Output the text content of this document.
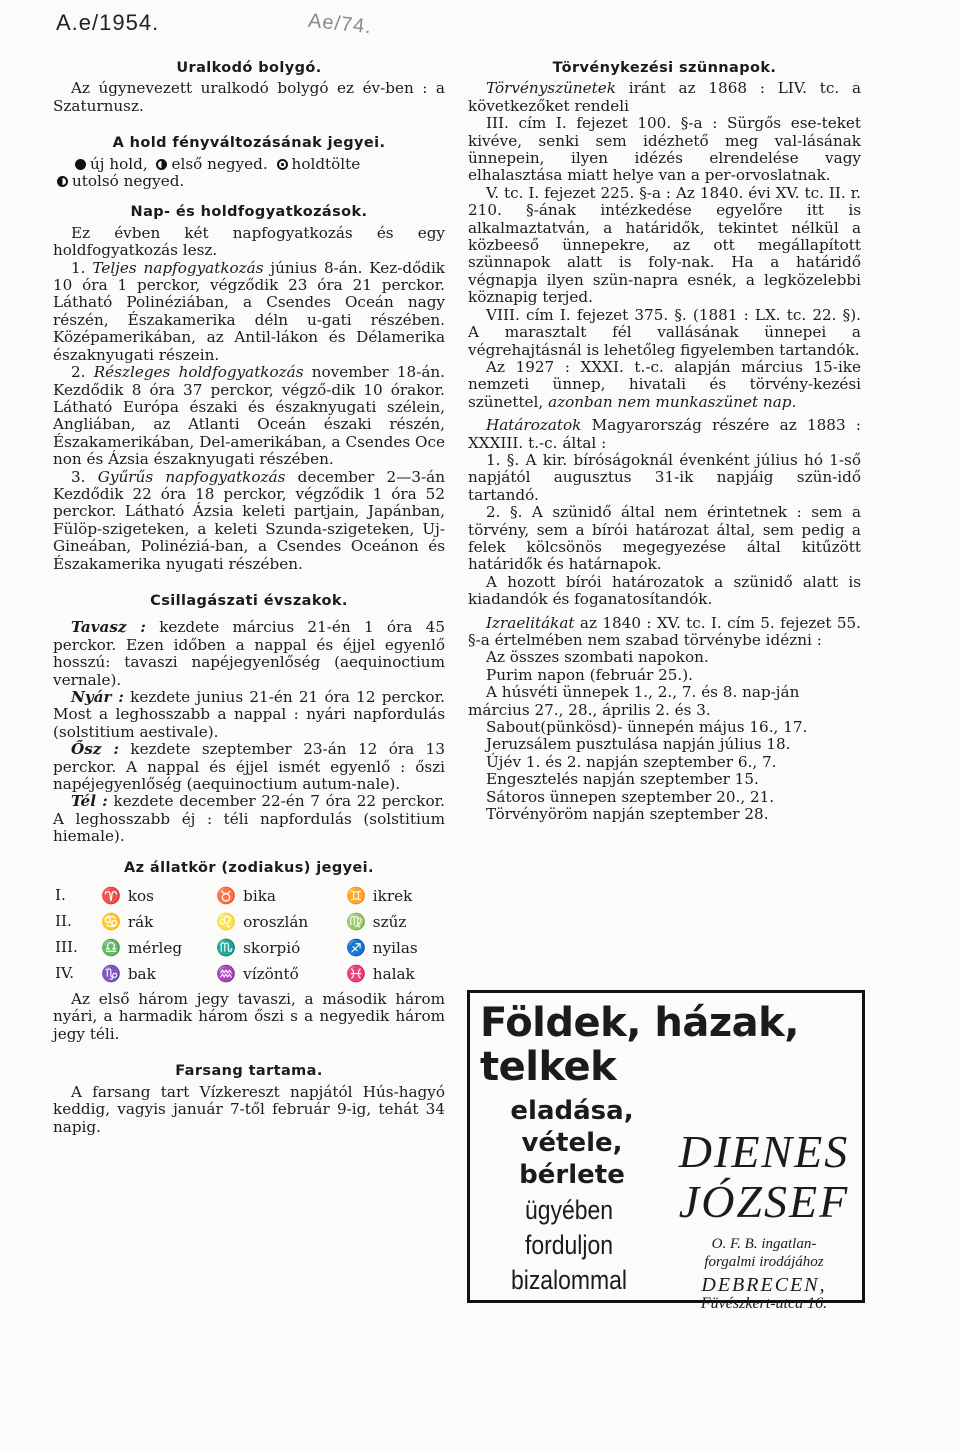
A.e/1954.	Ae/74.
Uralkodó bolygó.

Az úgynevezett uralkodó bolygó ez év-ben : a Szaturnusz.

A hold fényváltozásának jegyei.

új hold, első negyed. holdtölte

utolsó negyed.

Nap- és holdfogyatkozások.

Ez évben két napfogyatkozás és egy holdfogyatkozás lesz.

1. Teljes napfogyatkozás június 8-án. Kez-dődik 10 óra 1 perckor, végződik 23 óra 21 perckor. Látható Polinéziában, a Csendes Oceán nagy részén, Északamerika déln u-gati részében. Középamerikában, az Antil-lákon és Délamerika északnyugati részein.

2. Részleges holdfogyatkozás november 18-án. Kezdődik 8 óra 37 perckor, végző-dik 10 órakor. Látható Európa északi és északnyugati szélein, Angliában, az Atlanti Oceán északi részén, Északamerikában, Del-amerikában, a Csendes Oce non és Ázsia északnyugati részében.

3. Gyűrűs napfogyatkozás december 2—3-án Kezdődik 22 óra 18 perckor, végződik 1 óra 52 perckor. Látható Ázsia keleti partjain, Japánban, Fülöp-szigeteken, a keleti Szunda-szigeteken, Uj-Gineában, Polinéziá-ban, a Csendes Oceánon és Északamerika nyugati részében.

Csillagászati évszakok.

Tavasz : kezdete március 21-én 1 óra 45 perckor. Ezen időben a nappal és éjjel egyenlő hosszú: tavaszi napéjegyenlőség (aequinoctium vernale).

Nyár : kezdete junius 21-én 21 óra 12 perckor. Most a leghosszabb a nappal : nyári napfordulás (solstitium aestivale).

Ősz : kezdete szeptember 23-án 12 óra 13 perckor. A nappal és éjjel ismét egyenlő : őszi napéjegyenlőség (aequinoctium autum-nale).

Tél : kezdete december 22-én 7 óra 22 perckor. A leghosszabb éj : téli napfordulás (solstitium hiemale).

Az állatkör (zodiakus) jegyei.
I.	♈ kos	♉ bika	♊ ikrek
II.	♋ rák	♌ oroszlán	♍ szűz
III.	♎ mérleg	♏ skorpió	♐ nyilas
IV.	♑ bak	♒ vízöntő	♓ halak

Az első három jegy tavaszi, a második három nyári, a harmadik három őszi s a negyedik három jegy téli.

Farsang tartama.

A farsang tart Vízkereszt napjától Hús-hagyó keddig, vagyis január 7-től február 9-ig, tehát 34 napig.

Törvénykezési szünnapok.

Törvényszünetek iránt az 1868 : LIV. tc. a következőket rendeli

III. cím I. fejezet 100. §-a : Sürgős ese-teket kivéve, senki sem idézhető meg val-lásának ünnepein, ilyen idézés elrendelése vagy elhalasztása miatt helye van a per-orvoslatnak.

V. tc. I. fejezet 225. §-a : Az 1840. évi XV. tc. II. r. 210. §-ának intézkedése egyelőre itt is alkalmaztatván, a határidők, tekintet nélkül a közbeeső ünnepekre, az ott megállapított szünnapok alatt is foly-nak. Ha a határidő végnapja ilyen szün-napra esnék, a legközelebbi köznapig terjed.

VIII. cím I. fejezet 375. §. (1881 : LX. tc. 22. §). A marasztalt fél vallásának ünnepei a végrehajtásnál is lehetőleg figyelemben tartandók.

Az 1927 : XXXI. t.-c. alapján március 15-ike nemzeti ünnep, hivatali és törvény-kezési szünettel, azonban nem munkaszünet nap.

Határozatok Magyarország részére az 1883 : XXXIII. t.-c. által :

1. §. A kir. bíróságoknál évenként július hó 1-ső napjától augusztus 31-ik napjáig szün-idő tartandó.

2. §. A szünidő által nem érintetnek : sem a törvény, sem a bírói határozat által, sem pedig a felek kölcsönös megegyezése által kitűzött határidők és határnapok.

A hozott bírói határozatok a szünidő alatt is kiadandók és foganatosítandók.

Izraelitákat az 1840 : XV. tc. I. cím 5. fejezet 55. §-a értelmében nem szabad törvénybe idézni :

Az összes szombati napokon.

Purim napon (február 25.).

A húsvéti ünnepek 1., 2., 7. és 8. nap-ján március 27., 28., április 2. és 3.

Sabout(pünkösd)- ünnepén május 16., 17.

Jeruzsálem pusztulása napján július 18.

Újév 1. és 2. napján szeptember 6., 7.

Engesztelés napján szeptember 15.

Sátoros ünnepen szeptember 20., 21.

Törvényöröm napján szeptember 28.

Földek, házak, telkek
eladása,
vétele,
bérlete
ügyében
forduljon
bizalommal
DIENES
JÓZSEF
O. F. B. ingatlan-
forgalmi irodájához
DEBRECEN,
Füvészkert-utca 16.
